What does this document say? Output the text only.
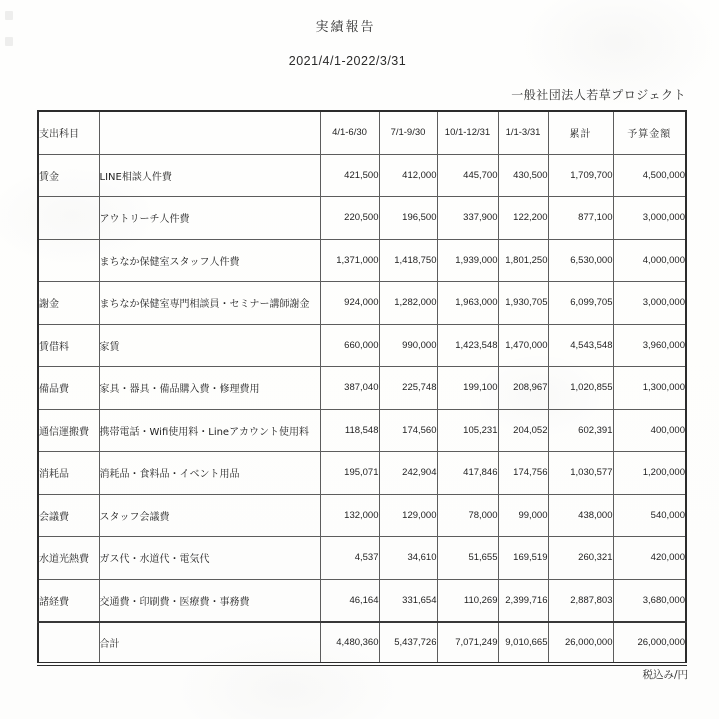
実績報告
2021/4/1-2022/3/31
一般社団法人若草プロジェクト
支出科目		4/1-6/30	7/1-9/30	10/1-12/31	1/1-3/31	累計	予算金額
賃金	LINE相談人件費	421,500	412,000	445,700	430,500	1,709,700	4,500,000
	アウトリーチ人件費	220,500	196,500	337,900	122,200	877,100	3,000,000
	まちなか保健室スタッフ人件費	1,371,000	1,418,750	1,939,000	1,801,250	6,530,000	4,000,000
謝金	まちなか保健室専門相談員・セミナー講師謝金	924,000	1,282,000	1,963,000	1,930,705	6,099,705	3,000,000
賃借料	家賃	660,000	990,000	1,423,548	1,470,000	4,543,548	3,960,000
備品費	家具・器具・備品購入費・修理費用	387,040	225,748	199,100	208,967	1,020,855	1,300,000
通信運搬費	携帯電話・Wifi使用料・Lineアカウント使用料	118,548	174,560	105,231	204,052	602,391	400,000
消耗品	消耗品・食料品・イベント用品	195,071	242,904	417,846	174,756	1,030,577	1,200,000
会議費	スタッフ会議費	132,000	129,000	78,000	99,000	438,000	540,000
水道光熱費	ガス代・水道代・電気代	4,537	34,610	51,655	169,519	260,321	420,000
諸経費	交通費・印刷費・医療費・事務費	46,164	331,654	110,269	2,399,716	2,887,803	3,680,000
	合計	4,480,360	5,437,726	7,071,249	9,010,665	26,000,000	26,000,000
税込み/円
